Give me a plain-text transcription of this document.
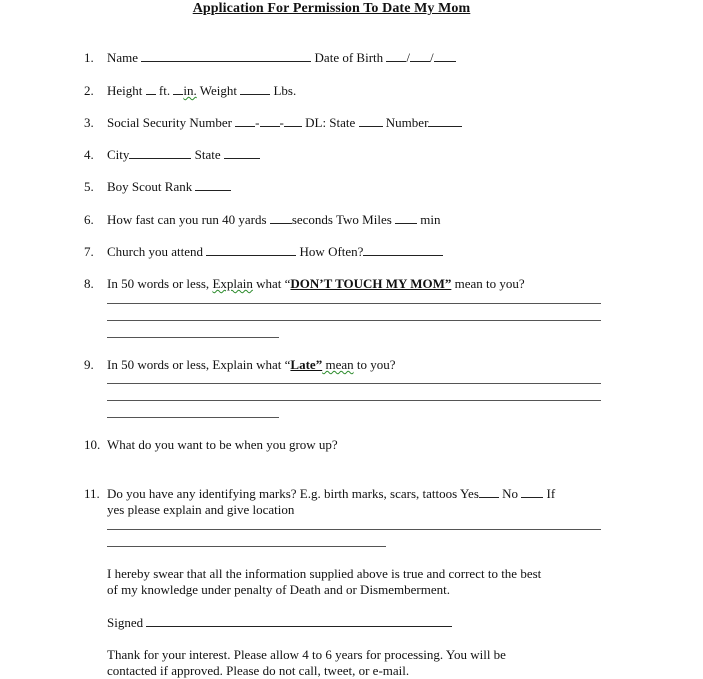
Application For Permission To Date My Mom
1. Name	Date of Birth / /
2. Height ft. in. Weight	Lbs.
3. Social Security Number - - DL: State Number
4. City	State
5. Boy Scout Rank
6. How fast can you run 40 yards seconds Two Miles min
7. Church you attend	How Often?
8. In 50 words or less, Explain what “DON’T TOUCH MY MOM” mean to you?
9. In 50 words or less, Explain what “Late” mean to you?
10. What do you want to be when you grow up?
11. Do you have any identifying marks? E.g. birth marks, scars, tattoos Yes No  If
yes please explain and give location
I hereby swear that all the information supplied above is true and correct to the best
of my knowledge under penalty of Death and or Dismemberment.
Signed
Thank for your interest. Please allow 4 to 6 years for processing. You will be
contacted if approved. Please do not call, tweet, or e-mail.
